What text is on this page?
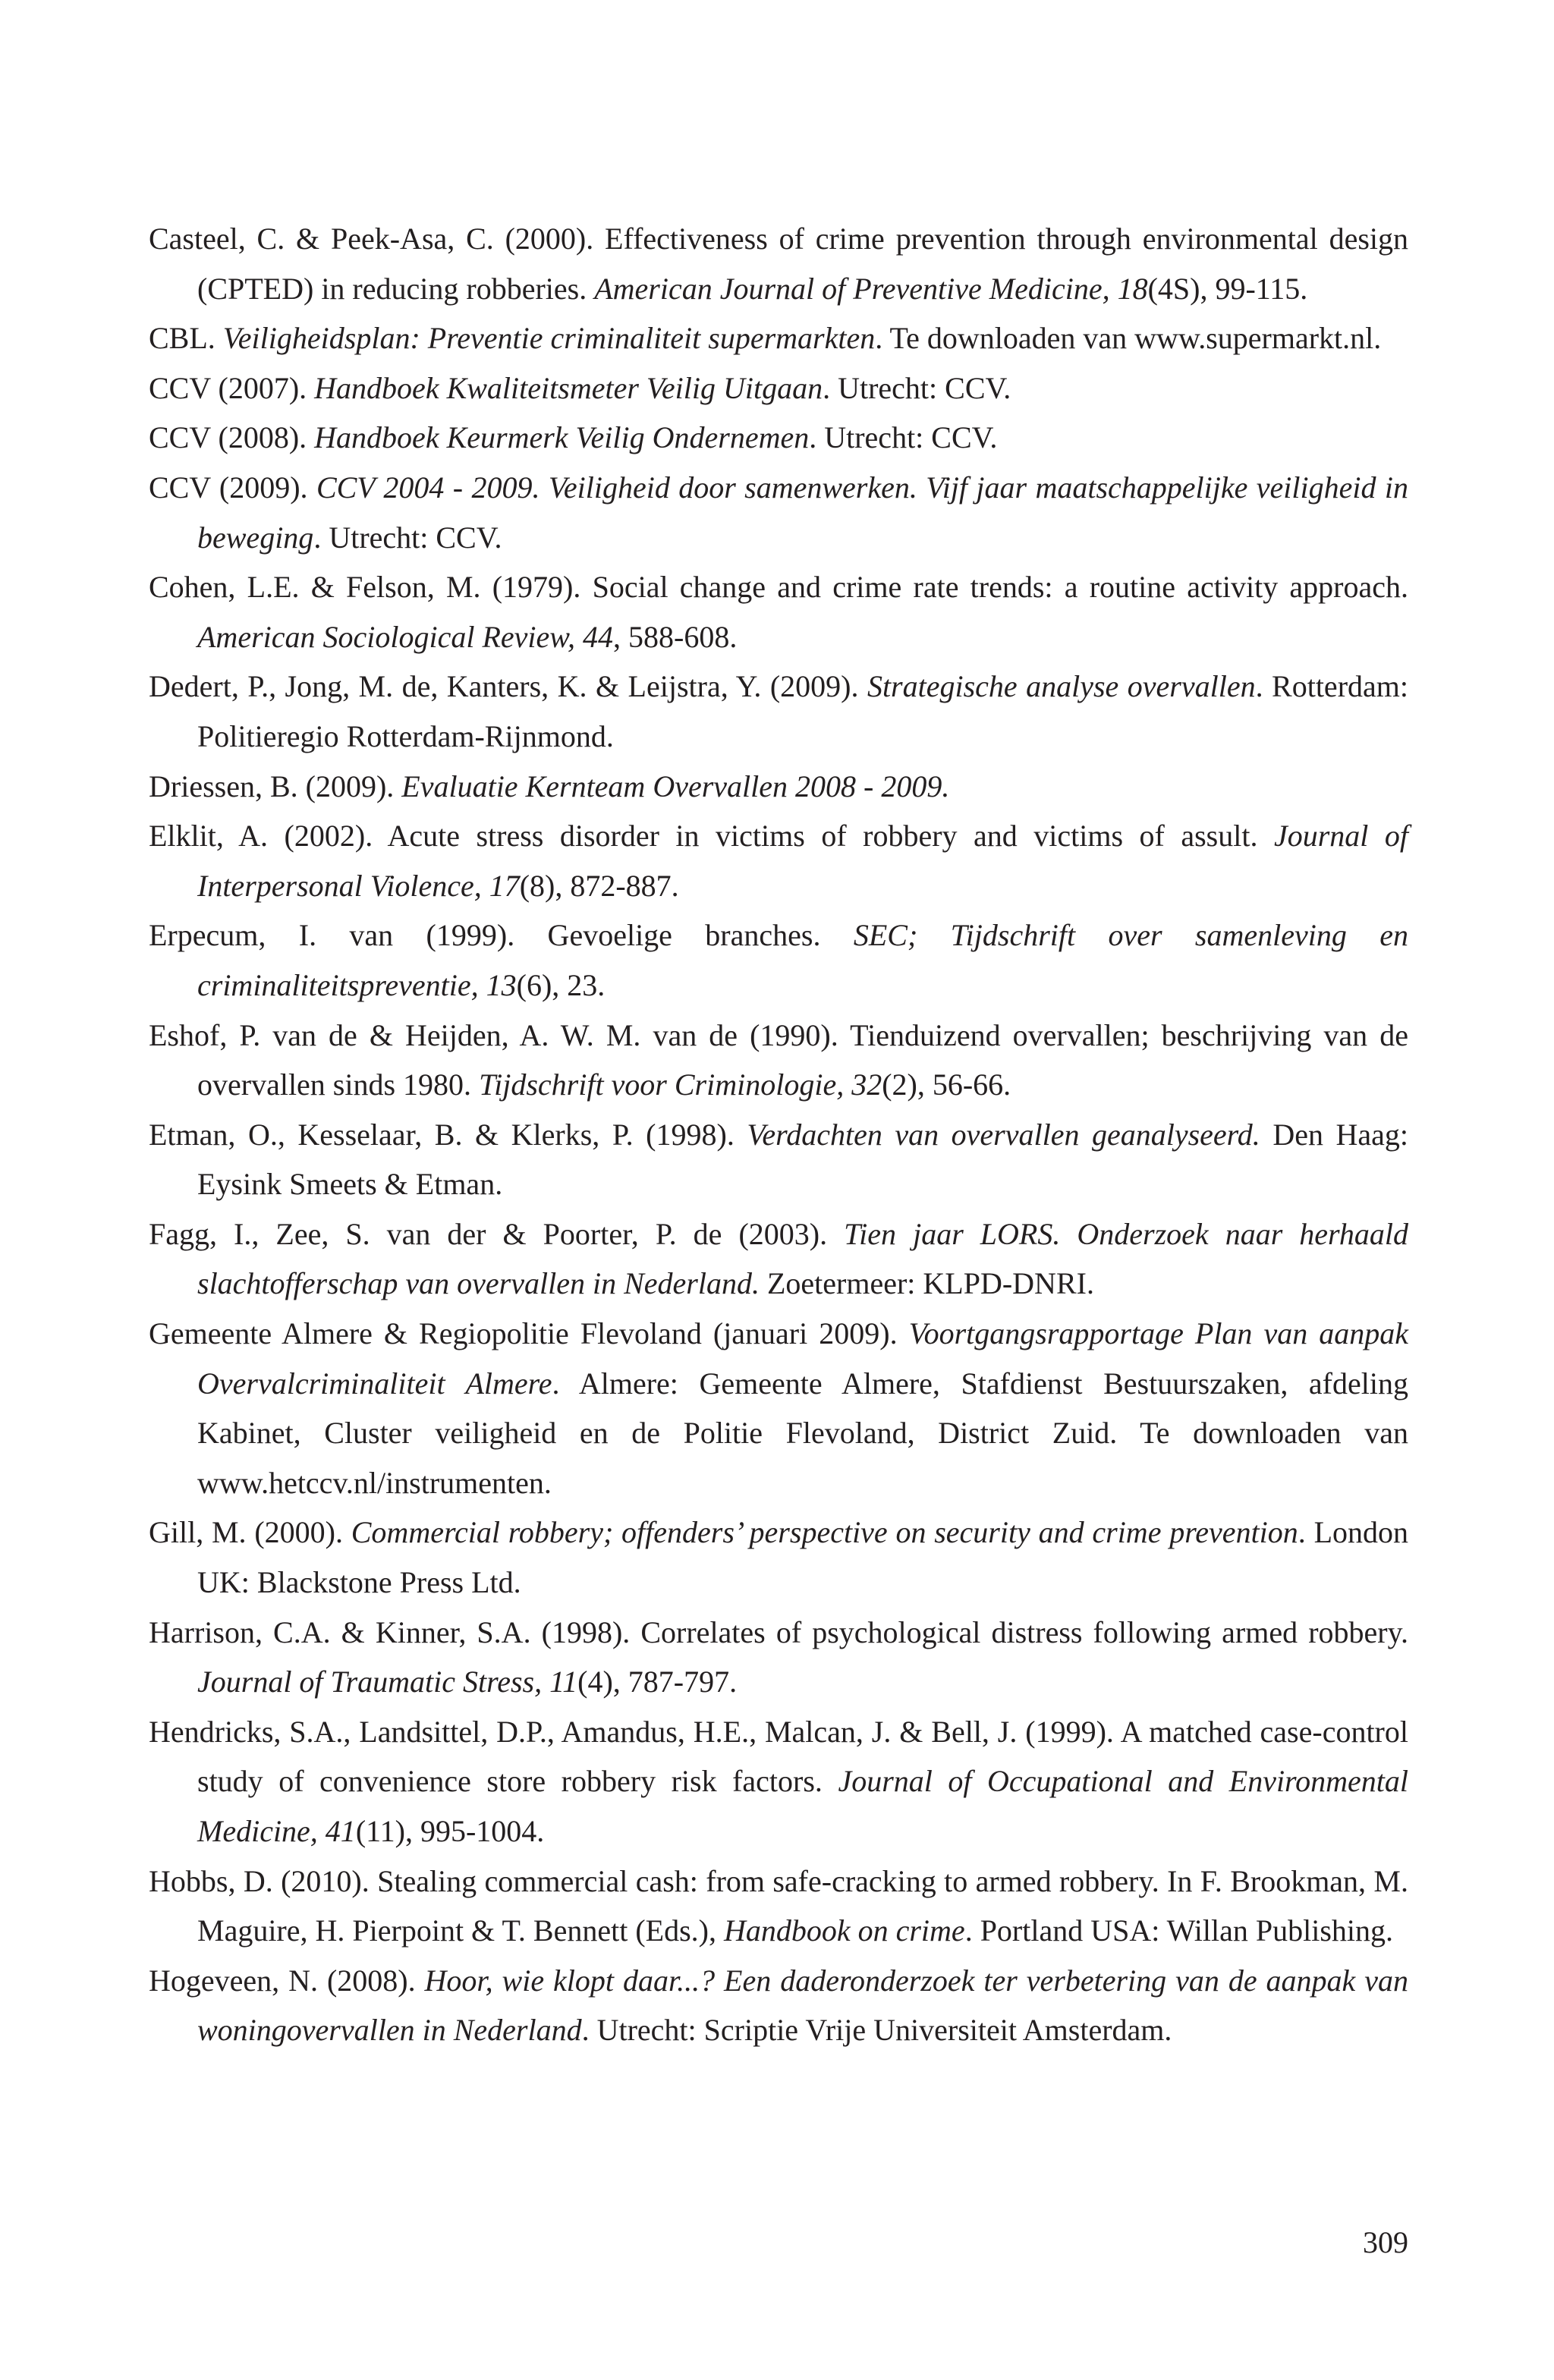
Casteel, C. & Peek-Asa, C. (2000). Effectiveness of crime prevention through environmental design (CPTED) in reducing robberies. American Journal of Preventive Medicine, 18(4S), 99-115.

CBL. Veiligheidsplan: Preventie criminaliteit supermarkten. Te downloaden van www.supermarkt.nl.

CCV (2007). Handboek Kwaliteitsmeter Veilig Uitgaan. Utrecht: CCV.

CCV (2008). Handboek Keurmerk Veilig Ondernemen. Utrecht: CCV.

CCV (2009). CCV 2004 - 2009. Veiligheid door samenwerken. Vijf jaar maatschappelijke veiligheid in beweging. Utrecht: CCV.

Cohen, L.E. & Felson, M. (1979). Social change and crime rate trends: a routine activity approach. American Sociological Review, 44, 588-608.

Dedert, P., Jong, M. de, Kanters, K. & Leijstra, Y. (2009). Strategische analyse overvallen. Rotterdam: Politieregio Rotterdam-Rijnmond.

Driessen, B. (2009). Evaluatie Kernteam Overvallen 2008 - 2009.

Elklit, A. (2002). Acute stress disorder in victims of robbery and victims of assult. Journal of Interpersonal Violence, 17(8), 872-887.

Erpecum, I. van (1999). Gevoelige branches. SEC; Tijdschrift over samenleving en criminaliteitspreventie, 13(6), 23.

Eshof, P. van de & Heijden, A. W. M. van de (1990). Tienduizend overvallen; beschrijving van de overvallen sinds 1980. Tijdschrift voor Criminologie, 32(2), 56-66.

Etman, O., Kesselaar, B. & Klerks, P. (1998). Verdachten van overvallen geanalyseerd. Den Haag: Eysink Smeets & Etman.

Fagg, I., Zee, S. van der & Poorter, P. de (2003). Tien jaar LORS. Onderzoek naar herhaald slachtofferschap van overvallen in Nederland. Zoetermeer: KLPD-DNRI.

Gemeente Almere & Regiopolitie Flevoland (januari 2009). Voortgangsrapportage Plan van aanpak Overvalcriminaliteit Almere. Almere: Gemeente Almere, Stafdienst Bestuurszaken, afdeling Kabinet, Cluster veiligheid en de Politie Flevoland, District Zuid. Te downloaden van www.hetccv.nl/instrumenten.

Gill, M. (2000). Commercial robbery; offenders’ perspective on security and crime prevention. London UK: Blackstone Press Ltd.

Harrison, C.A. & Kinner, S.A. (1998). Correlates of psychological distress following armed robbery. Journal of Traumatic Stress, 11(4), 787-797.

Hendricks, S.A., Landsittel, D.P., Amandus, H.E., Malcan, J. & Bell, J. (1999). A matched case-control study of convenience store robbery risk factors. Journal of Occupational and Environmental Medicine, 41(11), 995-1004.

Hobbs, D. (2010). Stealing commercial cash: from safe-cracking to armed robbery. In F. Brookman, M. Maguire, H. Pierpoint & T. Bennett (Eds.), Handbook on crime. Portland USA: Willan Publishing.

Hogeveen, N. (2008). Hoor, wie klopt daar...? Een daderonderzoek ter verbetering van de aanpak van woningovervallen in Nederland. Utrecht: Scriptie Vrije Universiteit Amsterdam.

309
